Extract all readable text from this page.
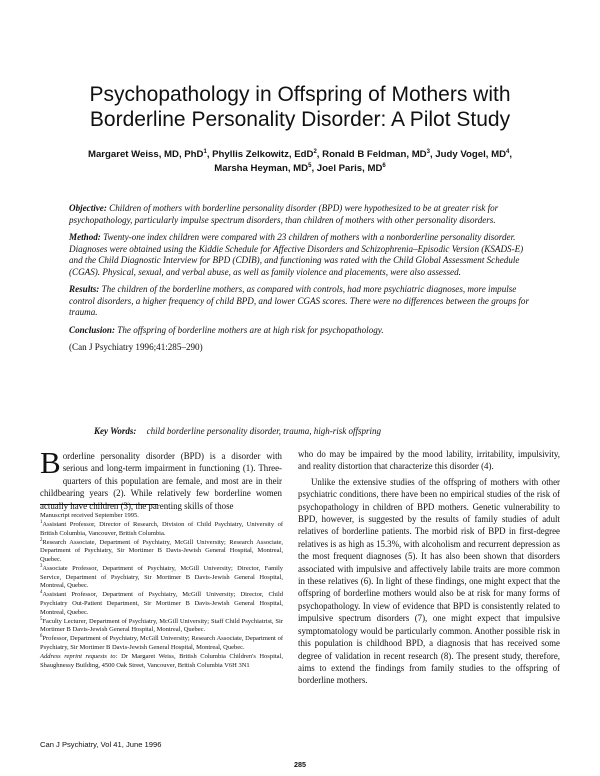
Psychopathology in Offspring of Mothers with
Borderline Personality Disorder: A Pilot Study
Margaret Weiss, MD, PhD$^1$, Phyllis Zelkowitz, EdD$^2$, Ronald B Feldman, $MD^3$, Judy Vogel, $MD^4$,
Marsha Heyman, $MD^5$, Joel Paris, $MD^6$

Objective: Children of mothers with borderline personality disorder (BPD) were hypothesized to be at greater risk for psychopathology, particularly impulse spectrum disorders, than children of mothers with other personality disorders.

Method: Twenty-one index children were compared with 23 children of mothers with a nonborderline personality disorder. Diagnoses were obtained using the Kiddie Schedule for Affective Disorders and Schizophrenia–Episodic Version (KSADS-E) and the Child Diagnostic Interview for BPD (CDIB), and functioning was rated with the Child Global Assessment Schedule (CGAS). Physical, sexual, and verbal abuse, as well as family violence and placements, were also assessed.

Results: The children of the borderline mothers, as compared with controls, had more psychiatric diagnoses, more impulse control disorders, a higher frequency of child BPD, and lower CGAS scores. There were no differences between the groups for trauma.

Conclusion: The offspring of borderline mothers are at high risk for psychopathology.

(Can J Psychiatry 1996;41:285–290)

Key Words: child borderline personality disorder, trauma, high-risk offspring

Borderline personality disorder (BPD) is a disorder with serious and long-term impairment in functioning (1). Three-quarters of this population are female, and most are in their childbearing years (2). While relatively few borderline women actually have children (3), the parenting skills of those

Manuscript received September 1995.

$^1$Assistant Professor, Director of Research, Division of Child Psychiatry, University of British Columbia, Vancouver, British Columbia.

$^2$Research Associate, Department of Psychiatry, McGill University; Research Associate, Department of Psychiatry, Sir Mortimer B Davis-Jewish General Hospital, Montreal, Quebec.

$^3$Associate Professor, Department of Psychiatry, McGill University; Director, Family Service, Department of Psychiatry, Sir Mortimer B Davis-Jewish General Hospital, Montreal, Quebec.

$^4$Assistant Professor, Department of Psychiatry, McGill University; Director, Child Psychiatry Out-Patient Department, Sir Mortimer B Davis-Jewish General Hospital, Montreal, Quebec.

$^5$Faculty Lecturer, Department of Psychiatry, McGill University; Staff Child Psychiatrist, Sir Mortimer B Davis-Jewish General Hospital, Montreal, Quebec.

$^6$Professor, Department of Psychiatry, McGill University; Research Associate, Department of Psychiatry, Sir Mortimer B Davis-Jewish General Hospital, Montreal, Quebec.

Address reprint requests to: Dr Margaret Weiss, British Columbia Children's Hospital, Shaughnessy Building, 4500 Oak Street, Vancouver, British Columbia V6H 3N1

who do may be impaired by the mood lability, irritability, impulsivity, and reality distortion that characterize this disorder (4).

Unlike the extensive studies of the offspring of mothers with other psychiatric conditions, there have been no empirical studies of the risk of psychopathology in children of BPD mothers. Genetic vulnerability to BPD, however, is suggested by the results of family studies of adult relatives of borderline patients. The morbid risk of BPD in first-degree relatives is as high as 15.3%, with alcoholism and recurrent depression as the most frequent diagnoses (5). It has also been shown that disorders associated with impulsive and affectively labile traits are more common in these relatives (6). In light of these findings, one might expect that the offspring of borderline mothers would also be at risk for many forms of psychopathology. In view of evidence that BPD is consistently related to impulsive spectrum disorders (7), one might expect that impulsive symptomatology would be particularly common. Another possible risk in this population is childhood BPD, a diagnosis that has received some degree of validation in recent research (8). The present study, therefore, aims to extend the findings from family studies to the offspring of borderline mothers.

Can J Psychiatry, Vol 41, June 1996
285
